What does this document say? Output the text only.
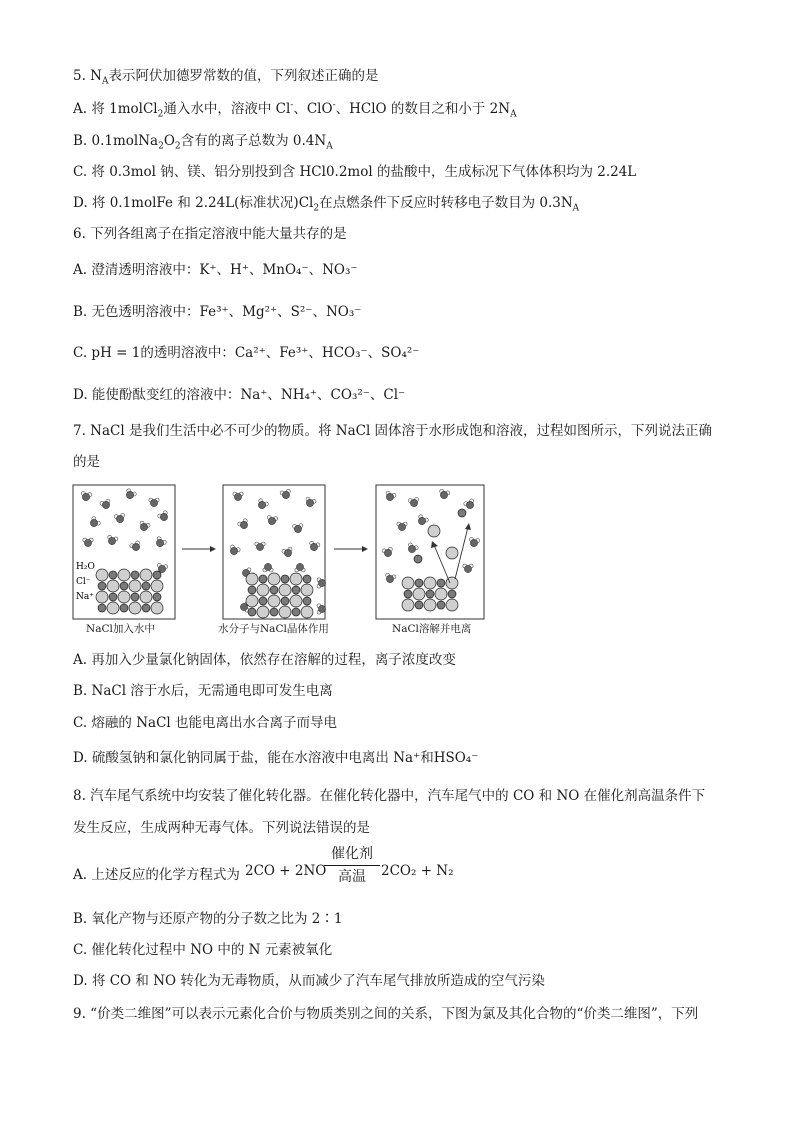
5. $N_A$表示阿伏加德罗常数的值，下列叙述正确的是
A. 将 1molCl$_2$通入水中，溶液中 Cl-、ClO-、HClO 的数目之和小于 $2N_A$
B. $0.1molNa_2O_2$含有的离子总数为 $0.4N_A$
C. 将 0.3mol 钠、镁、铝分别投到含 HCl0.2mol 的盐酸中，生成标况下气体体积均为 2.24L
D. 将 0.1molFe 和 2.24L(标准状况)$Cl_2$在点燃条件下反应时转移电子数目为 $0.3N_A$
6. 下列各组离子在指定溶液中能大量共存的是
A. 澄清透明溶液中：K⁺、H⁺、MnO₄⁻、NO₃⁻
B. 无色透明溶液中：Fe³⁺、Mg²⁺、S²⁻、NO₃⁻
C. pH = 1的透明溶液中：Ca²⁺、Fe³⁺、HCO₃⁻、SO₄²⁻
D. 能使酚酞变红的溶液中：Na⁺、NH₄⁺、CO₃²⁻、Cl⁻
7. NaCl 是我们生活中必不可少的物质。将 NaCl 固体溶于水形成饱和溶液，过程如图所示，下列说法正确
的是
H₂O
Cl⁻
Na⁺
NaCl加入水中	水分子与NaCl晶体作用	NaCl溶解并电离
A. 再加入少量氯化钠固体，依然存在溶解的过程，离子浓度改变
B. NaCl 溶于水后，无需通电即可发生电离
C. 熔融的 NaCl 也能电离出水合离子而导电
D. 硫酸氢钠和氯化钠同属于盐，能在水溶液中电离出 Na⁺和HSO₄⁻
8. 汽车尾气系统中均安装了催化转化器。在催化转化器中，汽车尾气中的 CO 和 NO 在催化剂高温条件下
发生反应，生成两种无毒气体。下列说法错误的是
A. 上述反应的化学方程式为 2CO + 2NO
催化剂
高温	2CO₂ + N₂
B. 氧化产物与还原产物的分子数之比为 2∶1
C. 催化转化过程中 NO 中的 N 元素被氧化
D. 将 CO 和 NO 转化为无毒物质，从而减少了汽车尾气排放所造成的空气污染
9. “价类二维图”可以表示元素化合价与物质类别之间的关系，下图为氯及其化合物的“价类二维图”，下列
